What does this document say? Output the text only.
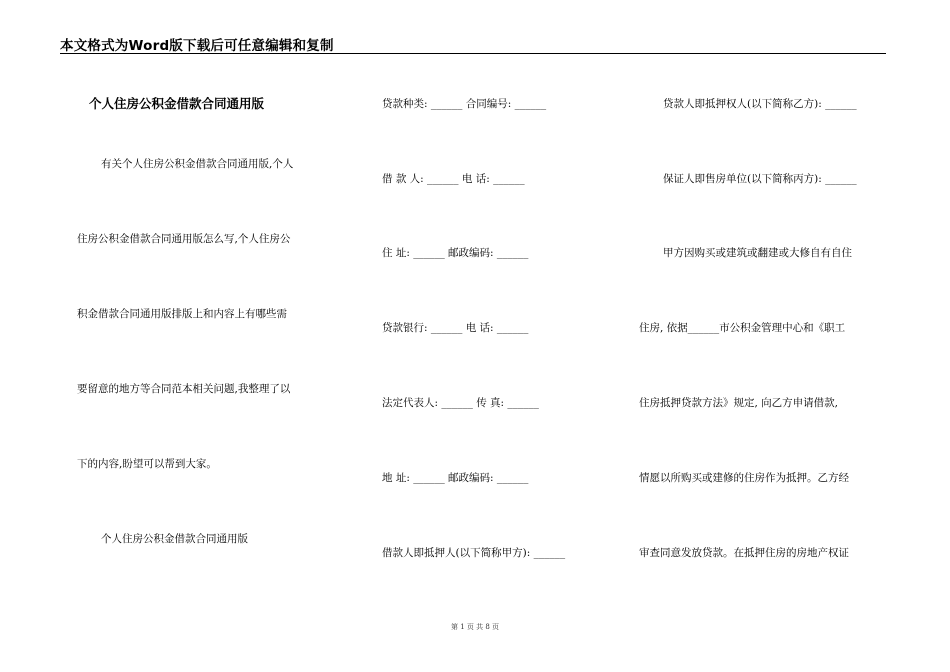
本文格式为Word版下载后可任意编辑和复制
个人住房公积金借款合同通用版
有关个人住房公积金借款合同通用版,个人
住房公积金借款合同通用版怎么写,个人住房公
积金借款合同通用版排版上和内容上有哪些需
要留意的地方等合同范本相关问题,我整理了以
下的内容,盼望可以帮到大家。
个人住房公积金借款合同通用版
贷款种类: ______ 合同编号: ______
借 款 人: ______ 电 话: ______
住 址: ______ 邮政编码: ______
贷款银行: ______ 电 话: ______
法定代表人: ______ 传 真: ______
地 址: ______ 邮政编码: ______
借款人即抵押人(以下简称甲方): ______
贷款人即抵押权人(以下简称乙方): ______
保证人即售房单位(以下简称丙方): ______
甲方因购买或建筑或翻建或大修自有自住
住房, 依据______市公积金管理中心和《职工
住房抵押贷款方法》规定, 向乙方申请借款,
情愿以所购买或建修的住房作为抵押。乙方经
审查同意发放贷款。在抵押住房的房地产权证
第 1 页 共 8 页
